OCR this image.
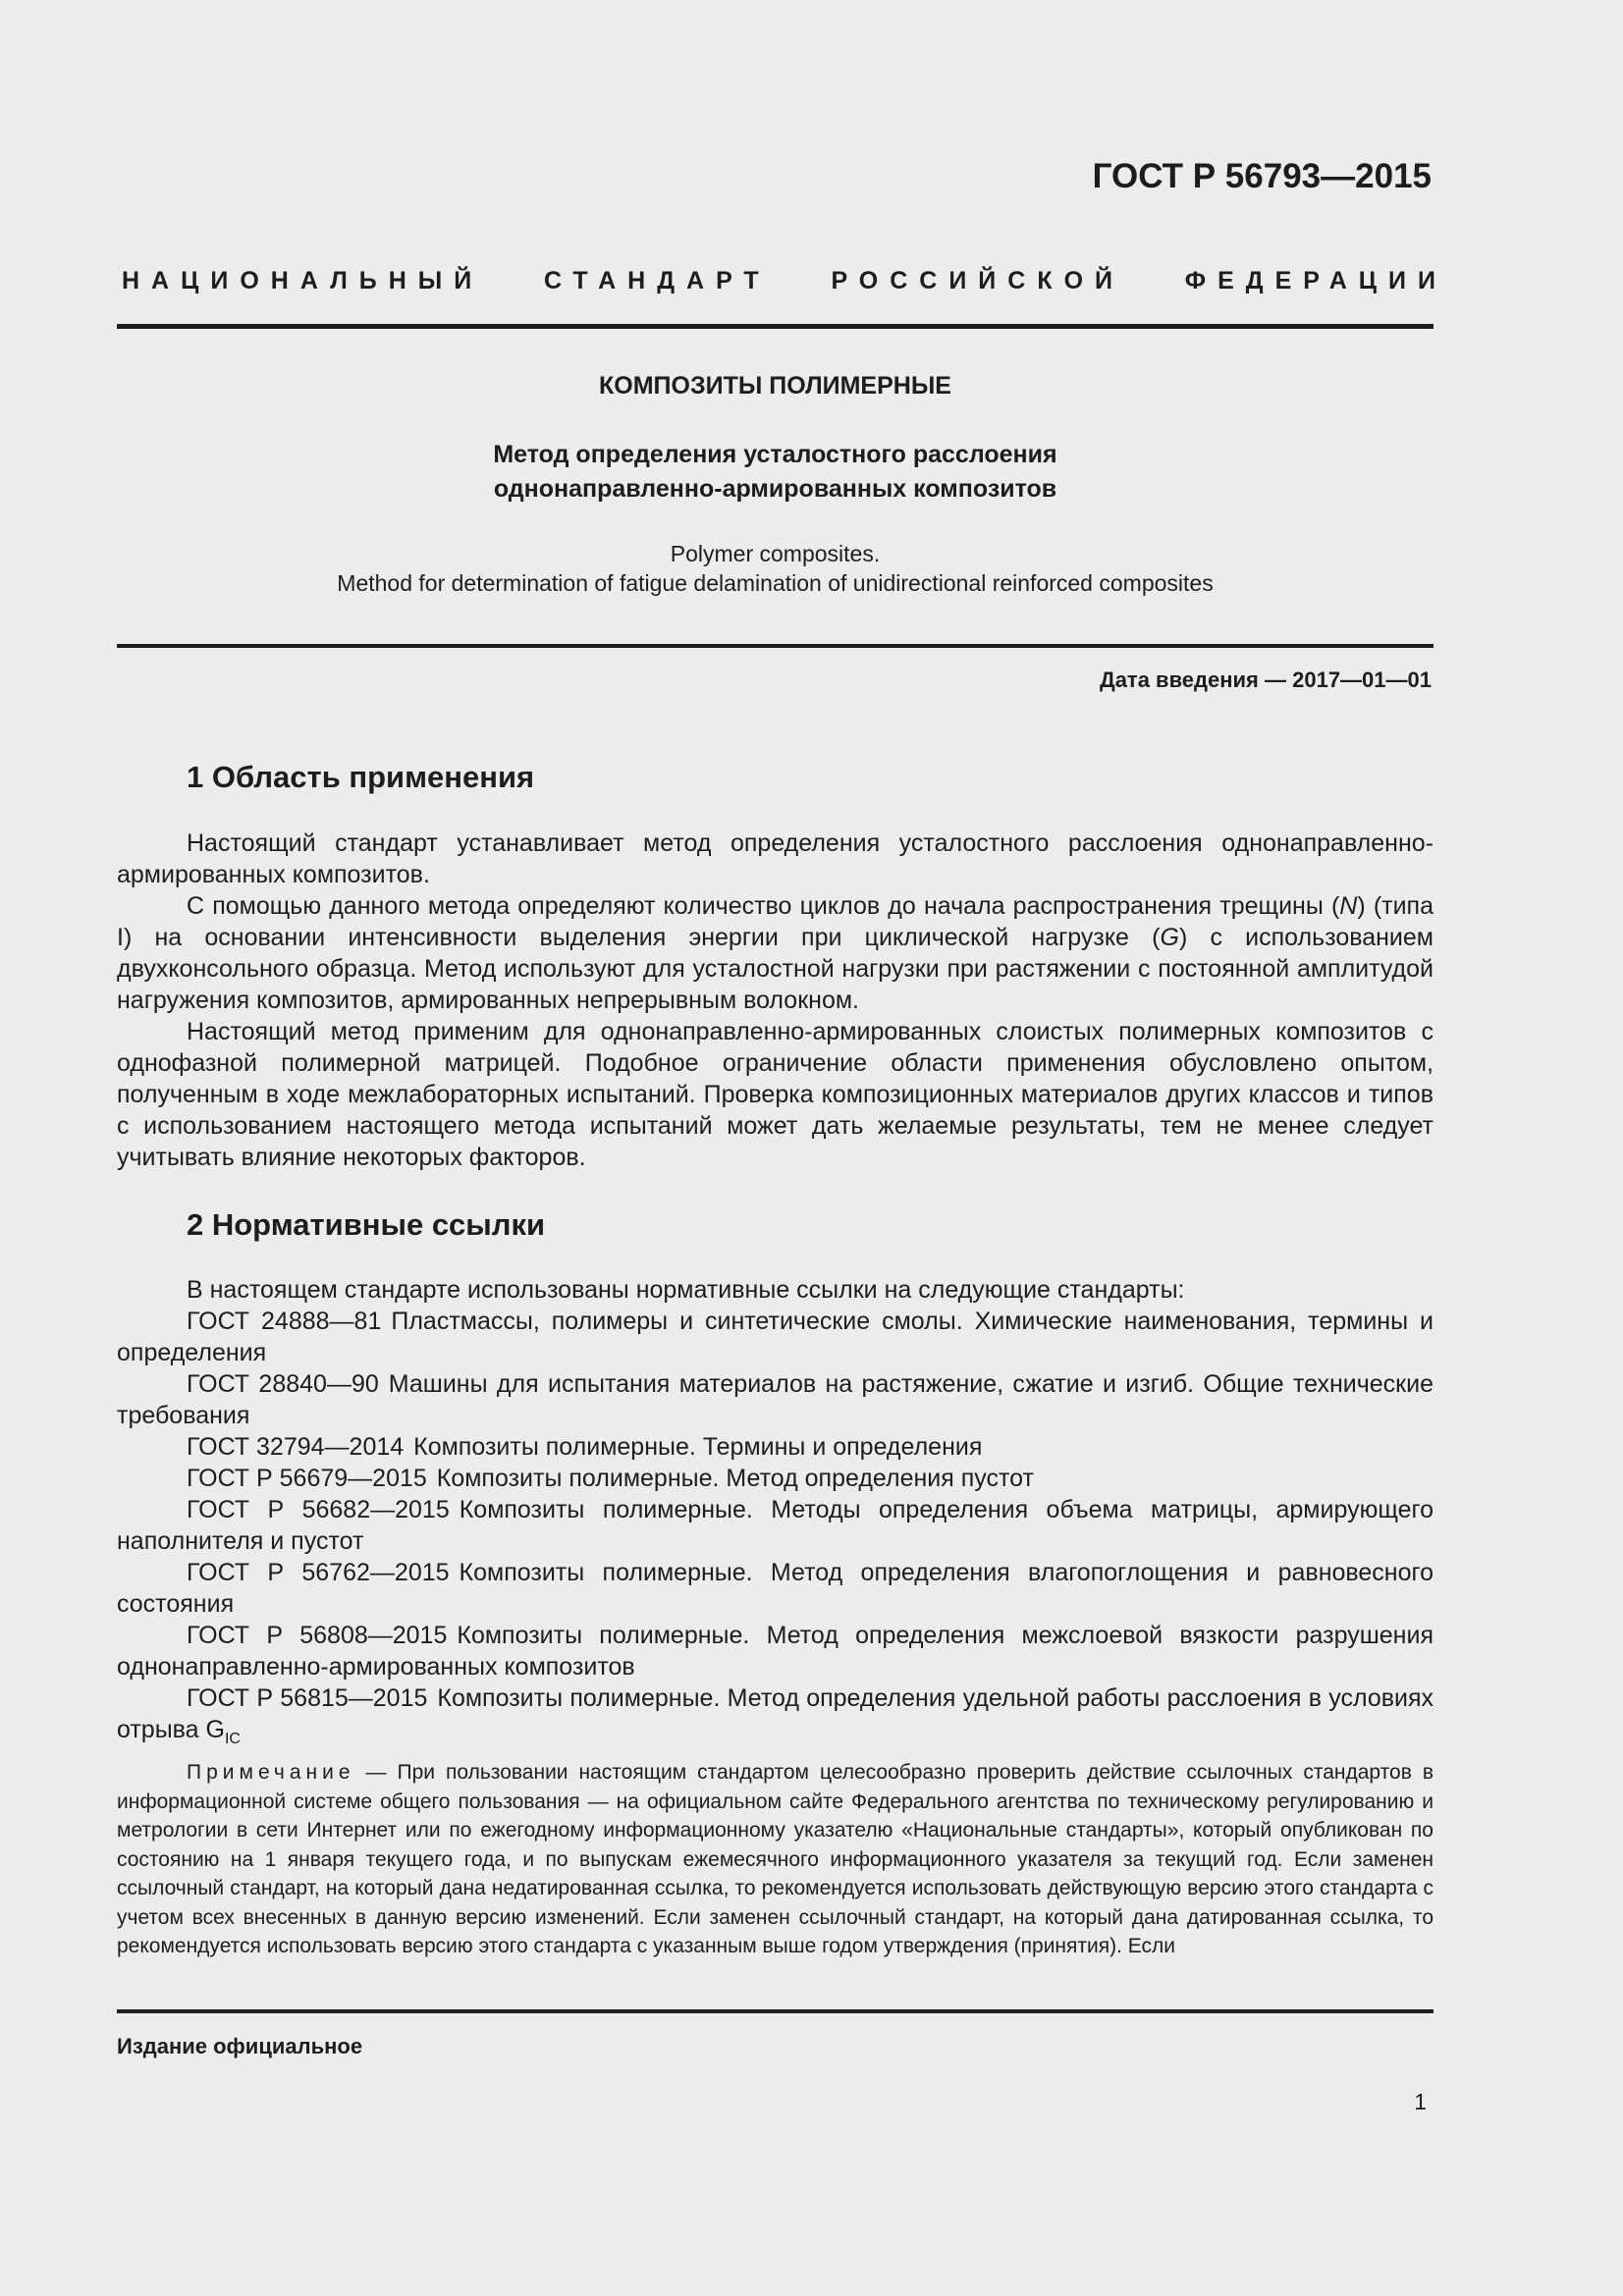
ГОСТ Р 56793—2015
НАЦИОНАЛЬНЫЙ СТАНДАРТ РОССИЙСКОЙ ФЕДЕРАЦИИ
КОМПОЗИТЫ ПОЛИМЕРНЫЕ
Метод определения усталостного расслоения
однонаправленно-армированных композитов
Polymer composites.
Method for determination of fatigue delamination of unidirectional reinforced composites
Дата введения — 2017—01—01
1 Область применения

Настоящий стандарт устанавливает метод определения усталостного расслоения однонаправленно-армированных композитов.

С помощью данного метода определяют количество циклов до начала распространения трещины (N) (типа I) на основании интенсивности выделения энергии при циклической нагрузке (G) с использованием двухконсольного образца. Метод используют для усталостной нагрузки при растяжении с постоянной амплитудой нагружения композитов, армированных непрерывным волокном.

Настоящий метод применим для однонаправленно-армированных слоистых полимерных композитов с однофазной полимерной матрицей. Подобное ограничение области применения обусловлено опытом, полученным в ходе межлабораторных испытаний. Проверка композиционных материалов других классов и типов с использованием настоящего метода испытаний может дать желаемые результаты, тем не менее следует учитывать влияние некоторых факторов.

2 Нормативные ссылки

В настоящем стандарте использованы нормативные ссылки на следующие стандарты:

ГОСТ 24888—81 Пластмассы, полимеры и синтетические смолы. Химические наименования, термины и определения

ГОСТ 28840—90 Машины для испытания материалов на растяжение, сжатие и изгиб. Общие технические требования

ГОСТ 32794—2014 Композиты полимерные. Термины и определения

ГОСТ Р 56679—2015 Композиты полимерные. Метод определения пустот

ГОСТ Р 56682—2015 Композиты полимерные. Методы определения объема матрицы, армирующего наполнителя и пустот

ГОСТ Р 56762—2015 Композиты полимерные. Метод определения влагопоглощения и равновесного состояния

ГОСТ Р 56808—2015 Композиты полимерные. Метод определения межслоевой вязкости разрушения однонаправленно-армированных композитов

ГОСТ Р 56815—2015 Композиты полимерные. Метод определения удельной работы расслоения в условиях отрыва $G_{IC}$

Примечание — При пользовании настоящим стандартом целесообразно проверить действие ссылочных стандартов в информационной системе общего пользования — на официальном сайте Федерального агентства по техническому регулированию и метрологии в сети Интернет или по ежегодному информационному указателю «Национальные стандарты», который опубликован по состоянию на 1 января текущего года, и по выпускам ежемесячного информационного указателя за текущий год. Если заменен ссылочный стандарт, на который дана недатированная ссылка, то рекомендуется использовать действующую версию этого стандарта с учетом всех внесенных в данную версию изменений. Если заменен ссылочный стандарт, на который дана датированная ссылка, то рекомендуется использовать версию этого стандарта с указанным выше годом утверждения (принятия). Если

Издание официальное
1
